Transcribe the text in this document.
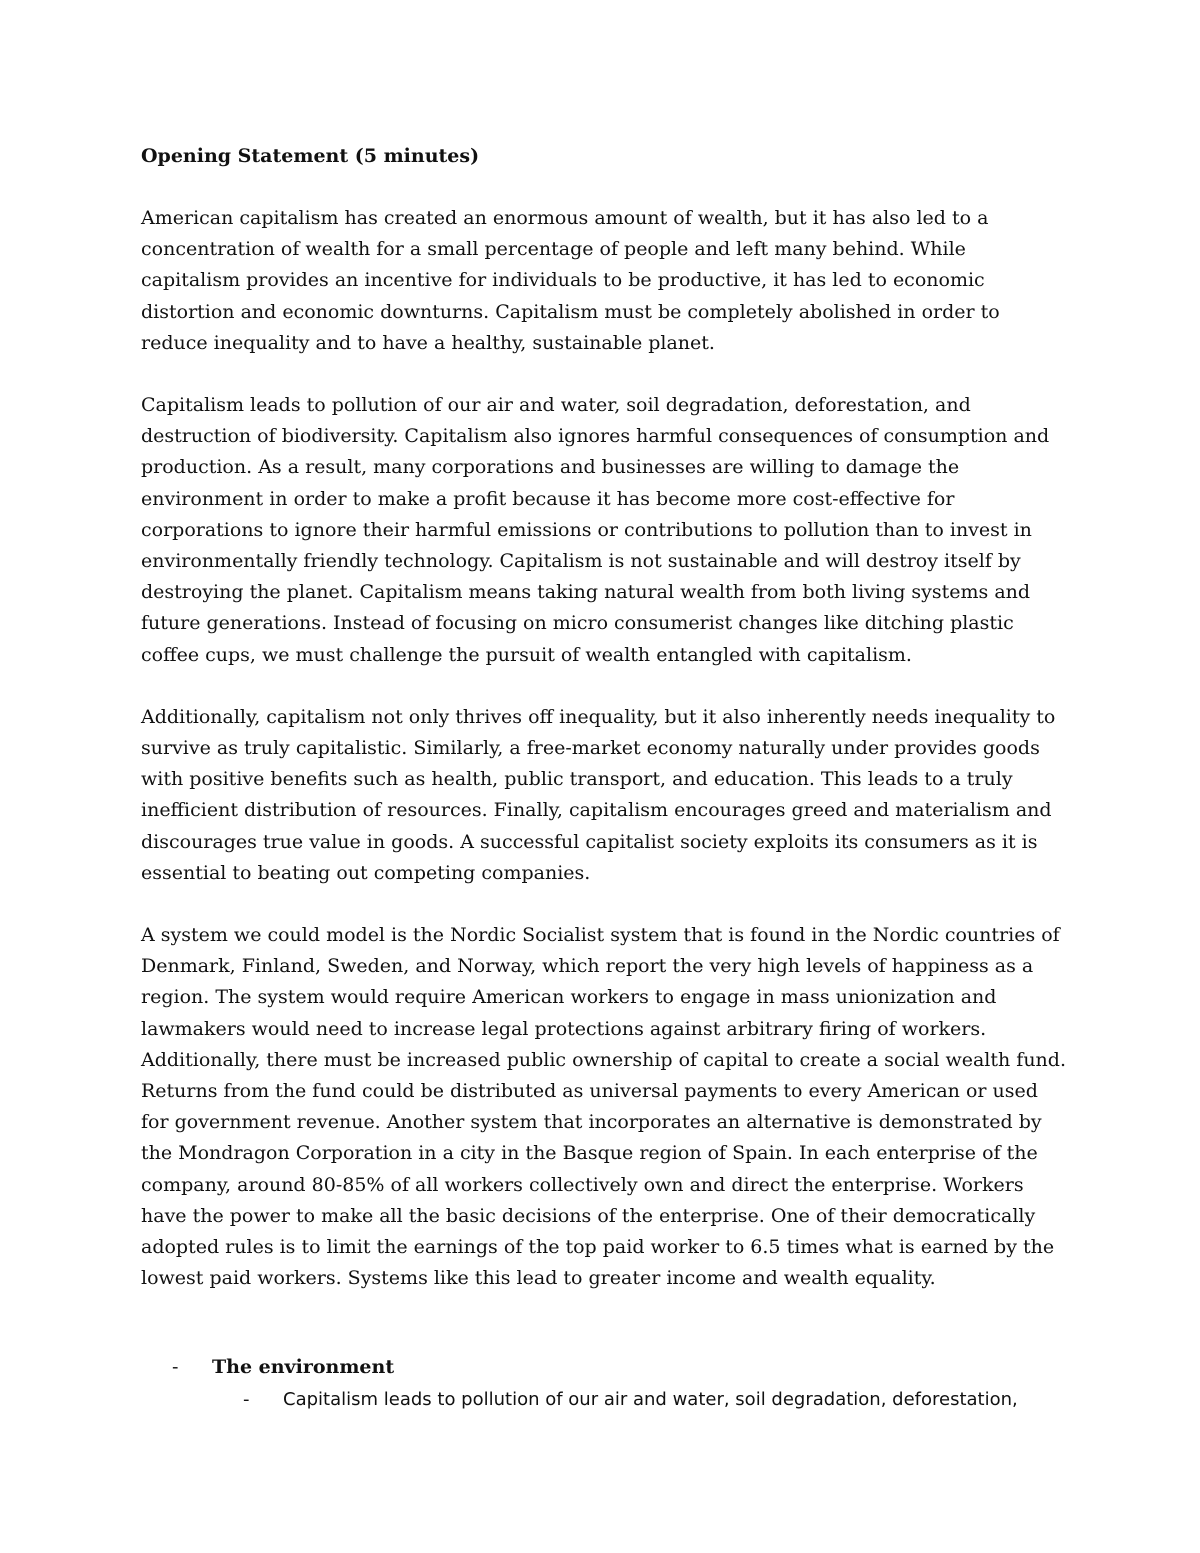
Opening Statement (5 minutes)

American capitalism has created an enormous amount of wealth, but it has also led to a concentration of wealth for a small percentage of people and left many behind. While capitalism provides an incentive for individuals to be productive, it has led to economic distortion and economic downturns. Capitalism must be completely abolished in order to reduce inequality and to have a healthy, sustainable planet.

Capitalism leads to pollution of our air and water, soil degradation, deforestation, and destruction of biodiversity. Capitalism also ignores harmful consequences of consumption and production. As a result, many corporations and businesses are willing to damage the environment in order to make a profit because it has become more cost-effective for corporations to ignore their harmful emissions or contributions to pollution than to invest in environmentally friendly technology. Capitalism is not sustainable and will destroy itself by destroying the planet. Capitalism means taking natural wealth from both living systems and future generations. Instead of focusing on micro consumerist changes like ditching plastic coffee cups, we must challenge the pursuit of wealth entangled with capitalism.

Additionally, capitalism not only thrives off inequality, but it also inherently needs inequality to survive as truly capitalistic. Similarly, a free-market economy naturally under provides goods with positive benefits such as health, public transport, and education. This leads to a truly inefficient distribution of resources. Finally, capitalism encourages greed and materialism and discourages true value in goods. A successful capitalist society exploits its consumers as it is essential to beating out competing companies.

A system we could model is the Nordic Socialist system that is found in the Nordic countries of Denmark, Finland, Sweden, and Norway, which report the very high levels of happiness as a region. The system would require American workers to engage in mass unionization and lawmakers would need to increase legal protections against arbitrary firing of workers. Additionally, there must be increased public ownership of capital to create a social wealth fund. Returns from the fund could be distributed as universal payments to every American or used for government revenue. Another system that incorporates an alternative is demonstrated by the Mondragon Corporation in a city in the Basque region of Spain. In each enterprise of the company, around 80-85% of all workers collectively own and direct the enterprise. Workers have the power to make all the basic decisions of the enterprise. One of their democratically adopted rules is to limit the earnings of the top paid worker to 6.5 times what is earned by the lowest paid workers. Systems like this lead to greater income and wealth equality.

-	The environment
-	Capitalism leads to pollution of our air and water, soil degradation, deforestation,
